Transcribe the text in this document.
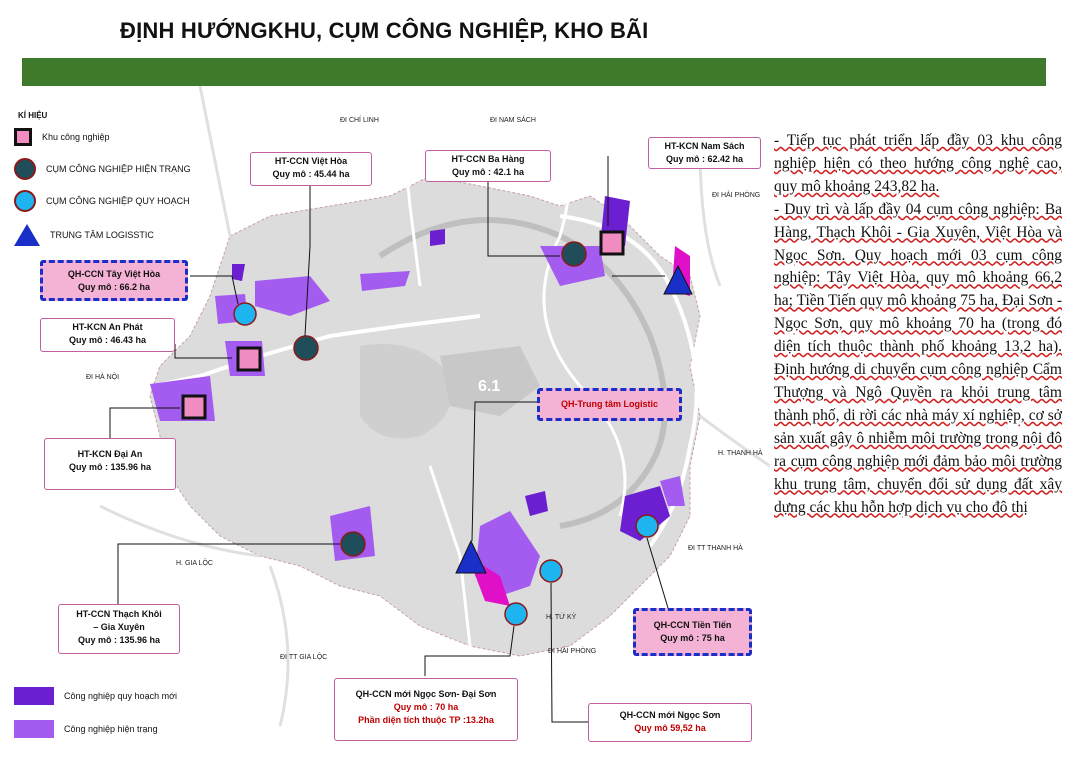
ĐỊNH HƯỚNGKHU, CỤM CÔNG NGHIỆP, KHO BÃI
ĐI CHÍ LINH	ĐI NAM SÁCH
ĐI HẢI PHÒNG
ĐI HÀ NỘI
H. THANH HÀ
ĐI TT THANH HÀ
H. GIA LỘC
H. TỨ KỲ
ĐI HẢI PHÒNG
ĐI TT GIA LỘC
6.1
KÍ HIỆU
Khu công nghiệp
CỤM CÔNG NGHIỆP HIỆN TRẠNG
CỤM CÔNG NGHIỆP QUY HOẠCH
TRUNG TÂM LOGISSTIC
Công nghiệp quy hoạch mới
Công nghiệp hiện trạng
HT-CCN Việt Hòa
Quy mô : 45.44 ha
HT-CCN Ba Hàng
Quy mô : 42.1 ha
HT-KCN Nam Sách
Quy mô : 62.42 ha
QH-CCN Tây Việt Hòa
Quy mô : 66.2 ha
HT-KCN An Phát
Quy mô : 46.43 ha
QH-Trung tâm Logistic
HT-KCN Đại An
Quy mô : 135.96 ha
HT-CCN Thạch Khôi
– Gia Xuyên
Quy mô : 135.96 ha
QH-CCN Tiền Tiến
Quy mô : 75 ha
QH-CCN mới Ngọc Sơn- Đại Sơn
Quy mô : 70 ha
Phần diện tích thuộc TP :13.2ha	QH-CCN mới Ngọc Sơn
Quy mô 59,52 ha

- Tiếp tục phát triển lấp đầy 03 khu công nghiệp hiện có theo hướng công nghệ cao, quy mô khoảng 243,82 ha.

- Duy trì và lấp đầy 04 cụm công nghiệp: Ba Hàng, Thạch Khôi - Gia Xuyên, Việt Hòa và Ngọc Sơn. Quy hoạch mới 03 cụm công nghiệp: Tây Việt Hòa, quy mô khoảng 66,2 ha; Tiền Tiến quy mô khoảng 75 ha, Đại Sơn - Ngọc Sơn, quy mô khoảng 70 ha (trong đó diện tích thuộc thành phố khoảng 13,2 ha). Định hướng di chuyển cụm công nghiệp Cẩm Thượng và Ngô Quyền ra khỏi trung tâm thành phố, di rời các nhà máy xí nghiệp, cơ sở sản xuất gây ô nhiễm môi trường trong nội đô ra cụm công nghiệp mới đảm bảo môi trường khu trung tâm, chuyển đổi sử dụng đất xây dựng các khu hỗn hợp dịch vụ cho đô thị
